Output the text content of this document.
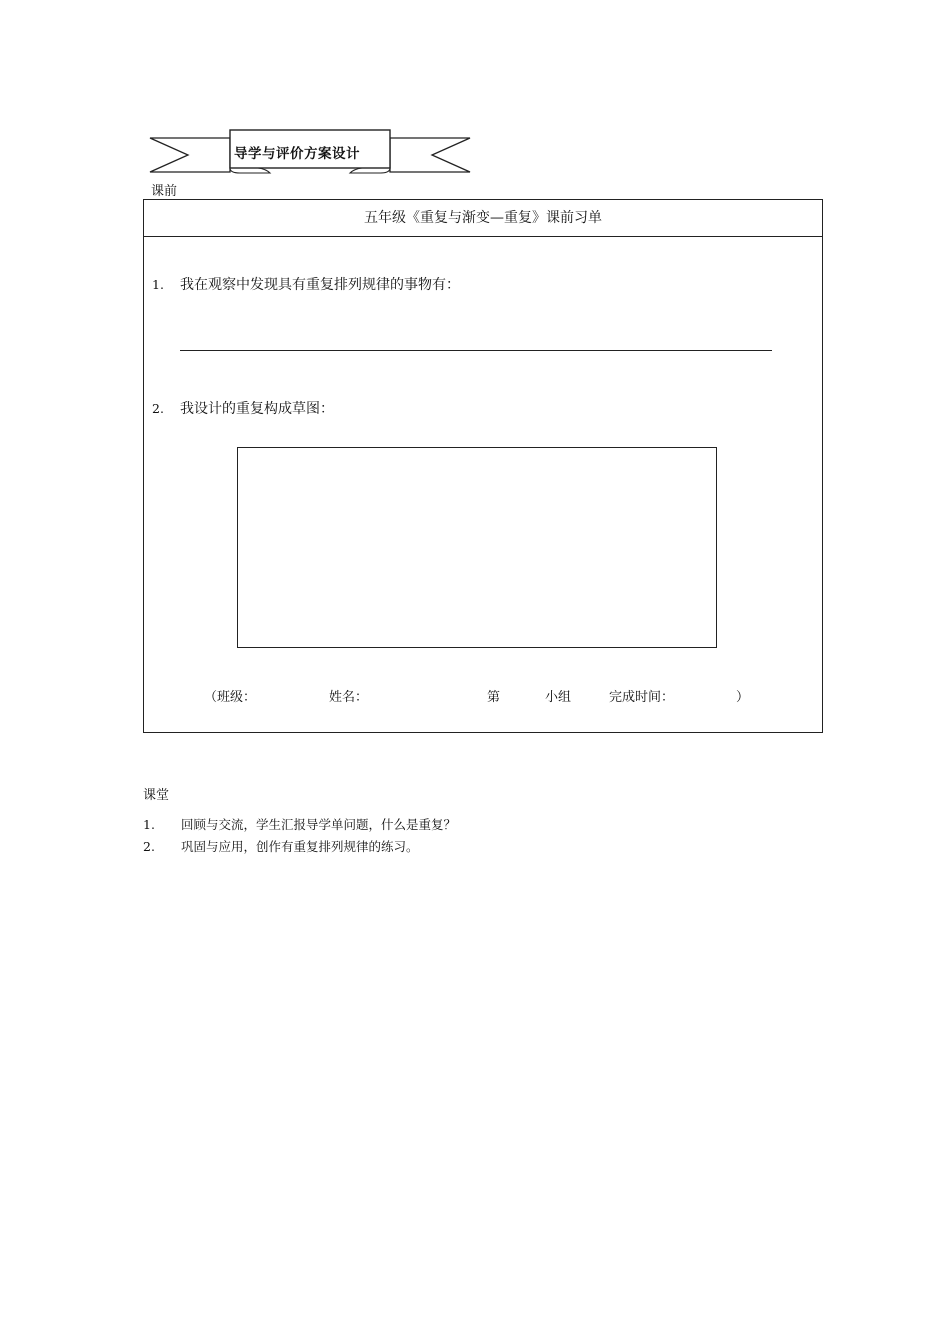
导学与评价方案设计
课前
五年级《重复与渐变—重复》课前习单
1. 我在观察中发现具有重复排列规律的事物有：
2. 我设计的重复构成草图：
（班级：	姓名：	第	小组	完成时间：	）
课堂
1. 回顾与交流，学生汇报导学单问题，什么是重复？
2. 巩固与应用，创作有重复排列规律的练习。
